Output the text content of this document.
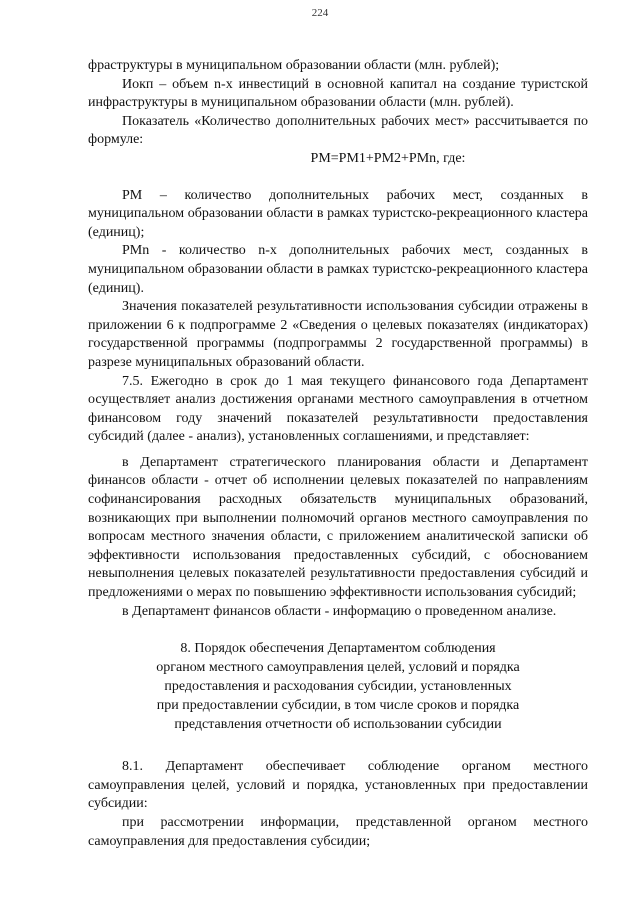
224

фраструктуры в муниципальном образовании области (млн. рублей);

Иокп – объем n-х инвестиций в основной капитал на создание туристской инфраструктуры в муниципальном образовании области (млн. рублей).

Показатель «Количество дополнительных рабочих мест» рассчитывается по формуле:

РМ=РМ1+РМ2+РМn, где:

РМ – количество дополнительных рабочих мест, созданных в муниципальном образовании области в рамках туристско-рекреационного кластера (единиц);

РМn - количество n-х дополнительных рабочих мест, созданных в муниципальном образовании области в рамках туристско-рекреационного кластера (единиц).

Значения показателей результативности использования субсидии отражены в приложении 6 к подпрограмме 2 «Сведения о целевых показателях (индикаторах) государственной программы (подпрограммы 2 государственной программы) в разрезе муниципальных образований области.

7.5. Ежегодно в срок до 1 мая текущего финансового года Департамент осуществляет анализ достижения органами местного самоуправления в отчетном финансовом году значений показателей результативности предоставления субсидий (далее - анализ), установленных соглашениями, и представляет:

в Департамент стратегического планирования области и Департамент финансов области - отчет об исполнении целевых показателей по направлениям софинансирования расходных обязательств муниципальных образований, возникающих при выполнении полномочий органов местного самоуправления по вопросам местного значения области, с приложением аналитической записки об эффективности использования предоставленных субсидий, с обоснованием невыполнения целевых показателей результативности предоставления субсидий и предложениями о мерах по повышению эффективности использования субсидий;

в Департамент финансов области - информацию о проведенном анализе.

8. Порядок обеспечения Департаментом соблюдения

органом местного самоуправления целей, условий и порядка

предоставления и расходования субсидии, установленных

при предоставлении субсидии, в том числе сроков и порядка

представления отчетности об использовании субсидии

8.1. Департамент обеспечивает соблюдение органом местного самоуправления целей, условий и порядка, установленных при предоставлении субсидии:

при рассмотрении информации, представленной органом местного самоуправления для предоставления субсидии;
